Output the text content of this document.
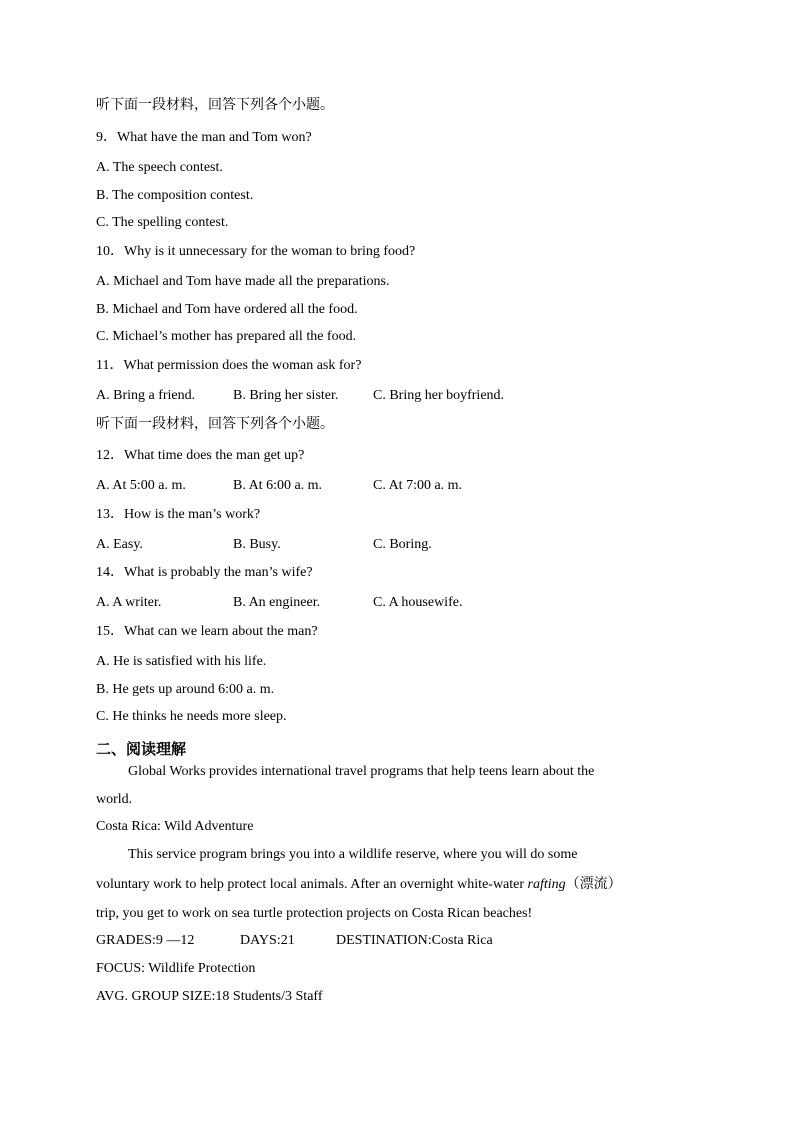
听下面一段材料，回答下列各个小题。
9．What have the man and Tom won?
A. The speech contest.
B. The composition contest.
C. The spelling contest.
10．Why is it unnecessary for the woman to bring food?
A. Michael and Tom have made all the preparations.
B. Michael and Tom have ordered all the food.
C. Michael’s mother has prepared all the food.
11．What permission does the woman ask for?
A. Bring a friend.	B. Bring her sister. C. Bring her boyfriend.
听下面一段材料，回答下列各个小题。
12．What time does the man get up?
A. At 5:00 a. m.	B. At 6:00 a. m.	C. At 7:00 a. m.
13．How is the man’s work?
A. Easy.	B. Busy.	C. Boring.
14．What is probably the man’s wife?
A. A writer.	B. An engineer.	C. A housewife.
15．What can we learn about the man?
A. He is satisfied with his life.
B. He gets up around 6:00 a. m.
C. He thinks he needs more sleep.
二、阅读理解
Global Works provides international travel programs that help teens learn about the
world.
Costa Rica: Wild Adventure
This service program brings you into a wildlife reserve, where you will do some
voluntary work to help protect local animals. After an overnight white-water rafting（漂流）
trip, you get to work on sea turtle protection projects on Costa Rican beaches!
GRADES:9 —12	DAYS:21	DESTINATION:Costa Rica
FOCUS: Wildlife Protection
AVG. GROUP SIZE:18 Students/3 Staff
